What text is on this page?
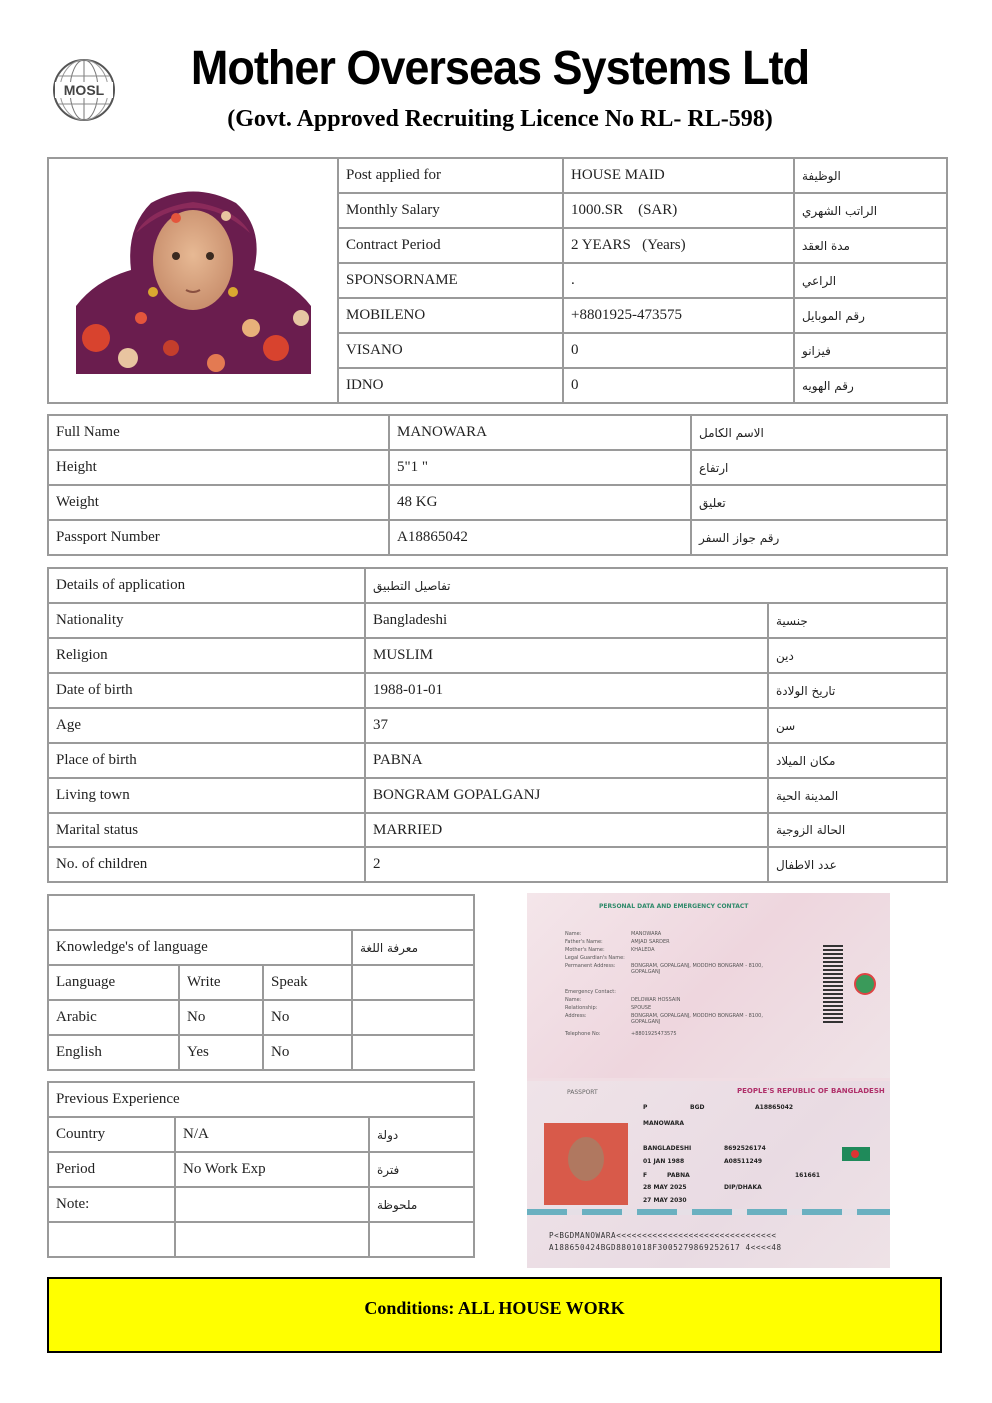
MOSL	Mother Overseas Systems Ltd
(Govt. Approved Recruiting Licence No RL- RL-598)
	Post applied for	HOUSE MAID	الوظيفة
	Monthly Salary	1000.SR    (SAR)	الراتب الشهري
	Contract Period	2 YEARS   (Years)	مدة العقد
	SPONSORNAME	.	الراعي
	MOBILENO	+8801925-473575	رقم الموبايل
	VISANO	0	فيزانو
	IDNO	0	رقم الهويه
Full Name	MANOWARA	الاسم الكامل
Height	5"1 "	ارتفاع
Weight	48 KG	تعليق
Passport Number	A18865042	رقم جواز السفر
Details of application	تفاصيل التطبيق	

Nationality	Bangladeshi	جنسية
Religion	MUSLIM	دين
Date of birth	1988-01-01	تاريخ الولادة
Age	37	سن
Place of birth	PABNA	مكان الميلاد
Living town	BONGRAM GOPALGANJ	المدينة الحية
Marital status	MARRIED	الحالة الزوجية
No. of children	2	عدد الاطفال

Knowledge's of language			معرفة اللغة
Language	Write	Speak	
Arabic	No	No	
English	Yes	No	
Previous Experience		
Country	N/A	دولة
Period	No Work Exp	فترة
Note:		ملحوظة

PERSONAL DATA AND EMERGENCY CONTACT
Name:	MANOWARA
Father's Name:	AMJAD SARDER
Mother's Name:	KHALEDA
Legal Guardian's Name:
Permanent Address:	BONGRAM, GOPALGANJ, MODDHO BONGRAM - 8100, GOPALGANJ
Emergency Contact:
Name:	DELOWAR HOSSAIN
Relationship:	SPOUSE
Address:	BONGRAM, GOPALGANJ, MODDHO BONGRAM - 8100, GOPALGANJ
Telephone No:	+8801925473575
PASSPORT	PEOPLE'S REPUBLIC OF BANGLADESH
P	BGD	A18865042
MANOWARA
BANGLADESHI	8692526174
01 JAN 1988	A08511249
F	PABNA	161661
28 MAY 2025	DIP/DHAKA
27 MAY 2030
P<BGDMANOWARA<<<<<<<<<<<<<<<<<<<<<<<<<<<<<<<
A188650424BGD8801018F3005279869252617 4<<<<48
Conditions: ALL HOUSE WORK
